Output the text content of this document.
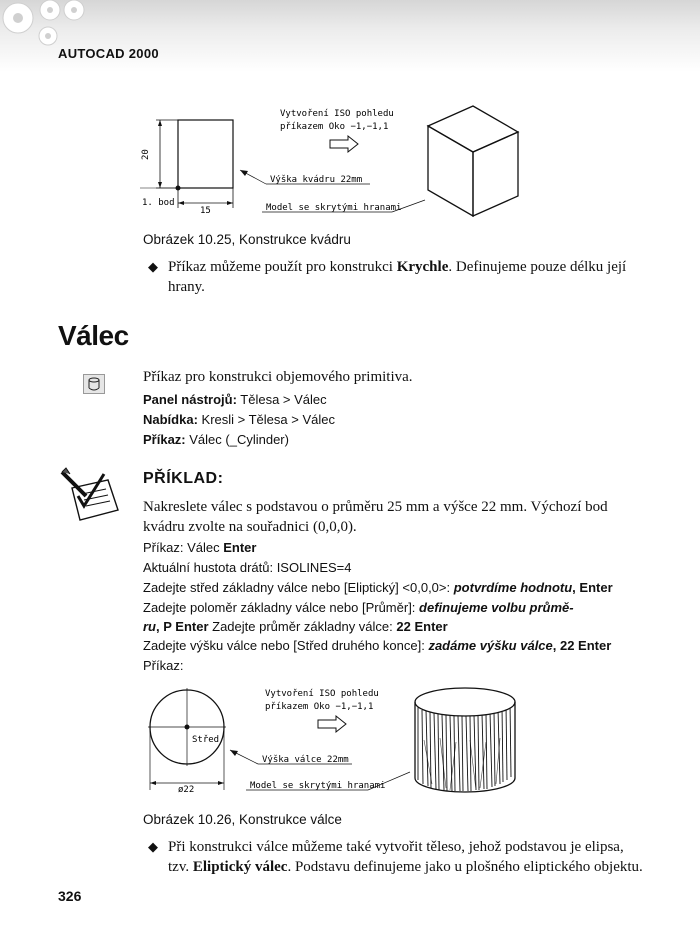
AUTOCAD 2000
20
15
1. bod
Vytvoření ISO pohledu
příkazem Oko −1,−1,1
Výška kvádru 22mm
Model se skrytými hranami
Obrázek 10.25, Konstrukce kvádru
◆ Příkaz můžeme použít pro konstrukci Krychle. Definujeme pouze délku její hrany.
Válec
Příkaz pro konstrukci objemového primitiva.
Panel nástrojů: Tělesa > Válec
Nabídka: Kresli > Tělesa > Válec
Příkaz: Válec (_Cylinder)
PŘÍKLAD:
Nakreslete válec s podstavou o průměru 25 mm a výšce 22 mm. Výchozí bod kvádru zvolte na souřadnici (0,0,0).
Příkaz: Válec Enter
Aktuální hustota drátů: ISOLINES=4
Zadejte střed základny válce nebo [Eliptický] <0,0,0>: potvrdíme hodnotu, Enter
Zadejte poloměr základny válce nebo [Průměr]: definujeme volbu průmě-
ru, P Enter Zadejte průměr základny válce: 22 Enter
Zadejte výšku válce nebo [Střed druhého konce]: zadáme výšku válce, 22 Enter
Příkaz:
Střed
ø22
Vytvoření ISO pohledu
příkazem Oko −1,−1,1
Výška válce 22mm
Model se skrytými hranami
Obrázek 10.26, Konstrukce válce
◆ Při konstrukci válce můžeme také vytvořit těleso, jehož podstavou je elipsa, tzv. Eliptický válec. Podstavu definujeme jako u plošného eliptického objektu.
326
